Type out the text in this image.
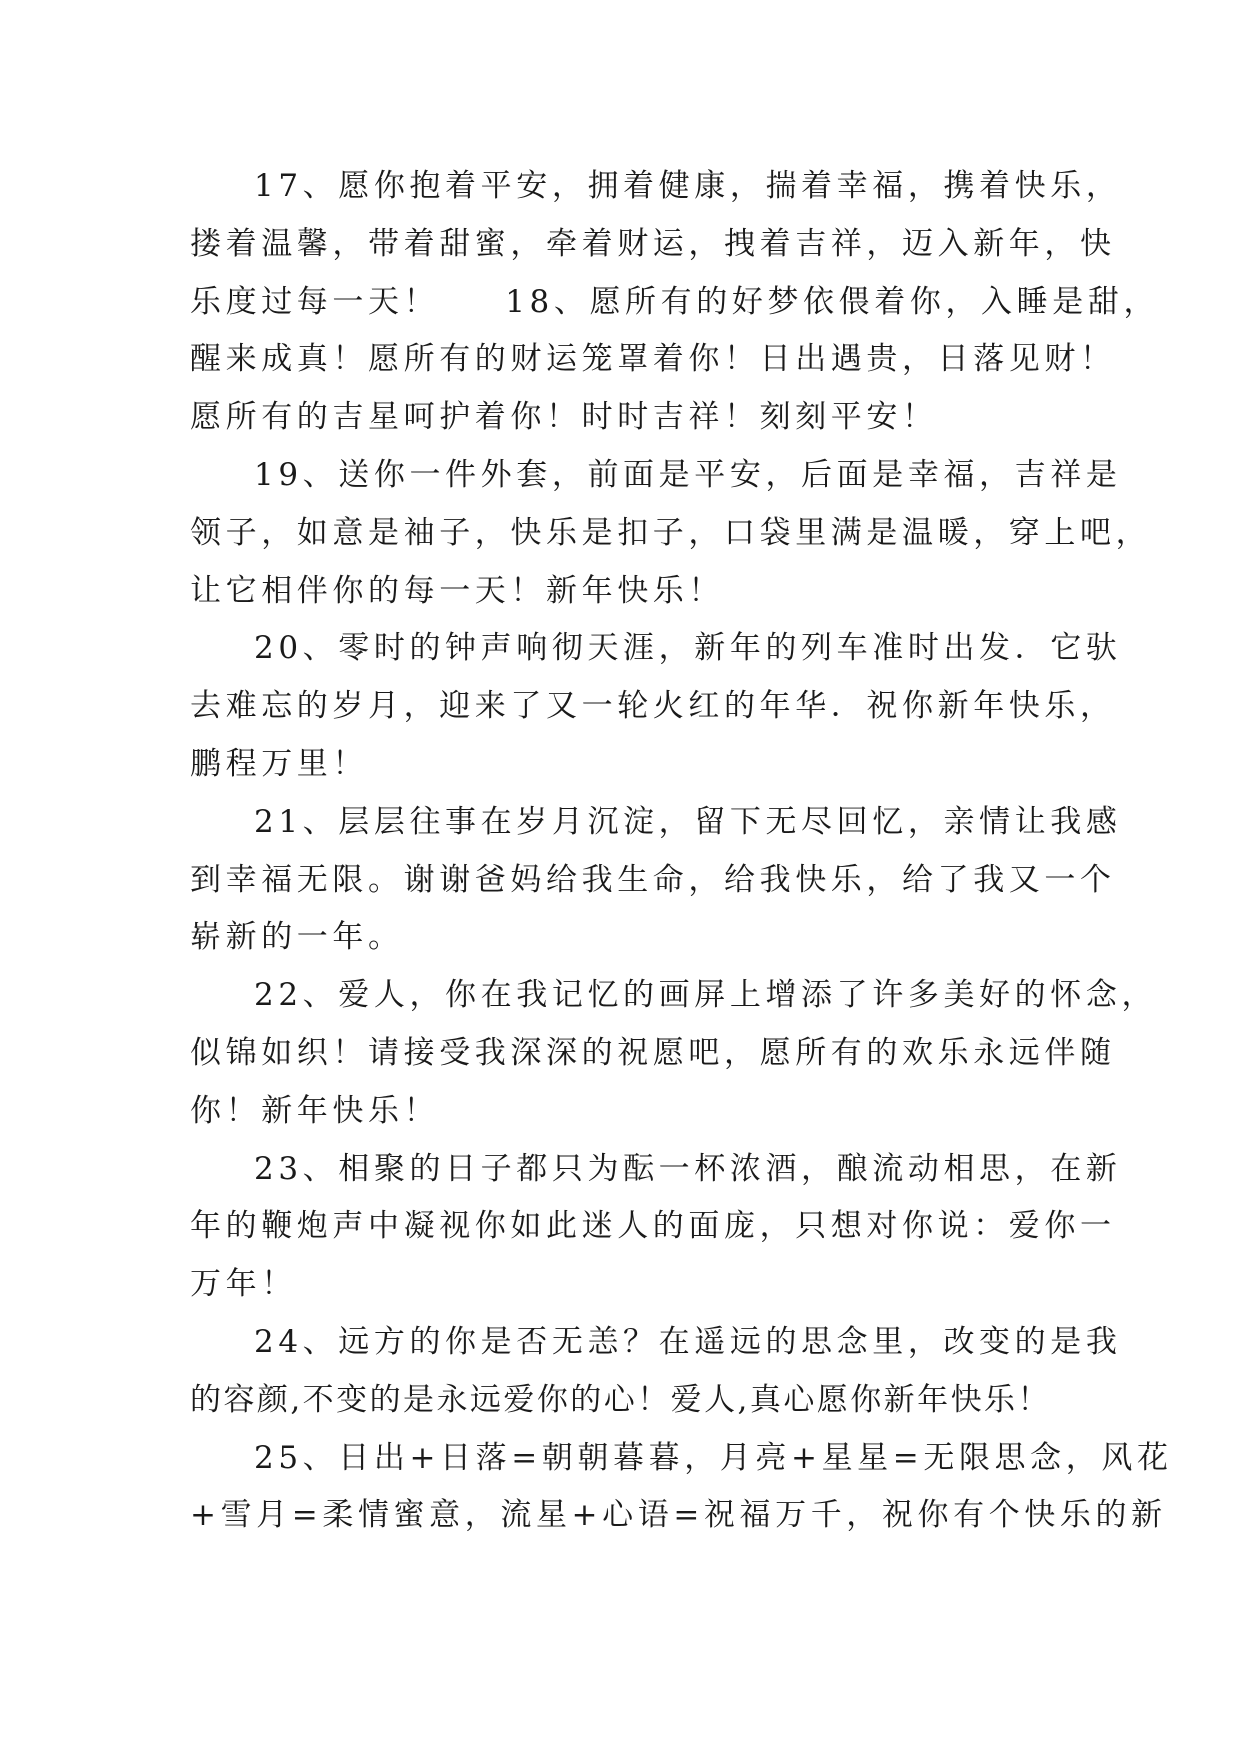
17、愿你抱着平安，拥着健康，揣着幸福，携着快乐，
搂着温馨，带着甜蜜，牵着财运，拽着吉祥，迈入新年，快
乐度过每一天！ 18、愿所有的好梦依偎着你，入睡是甜，
醒来成真！愿所有的财运笼罩着你！日出遇贵，日落见财！
愿所有的吉星呵护着你！时时吉祥！刻刻平安！
19、送你一件外套，前面是平安，后面是幸福，吉祥是
领子，如意是袖子，快乐是扣子，口袋里满是温暖，穿上吧，
让它相伴你的每一天！新年快乐！
20、零时的钟声响彻天涯，新年的列车准时出发．它驮
去难忘的岁月，迎来了又一轮火红的年华．祝你新年快乐，
鹏程万里！
21、层层往事在岁月沉淀，留下无尽回忆，亲情让我感
到幸福无限。谢谢爸妈给我生命，给我快乐，给了我又一个
崭新的一年。
22、爱人，你在我记忆的画屏上增添了许多美好的怀念，
似锦如织！请接受我深深的祝愿吧，愿所有的欢乐永远伴随
你！新年快乐！
23、相聚的日子都只为酝一杯浓酒，酿流动相思，在新
年的鞭炮声中凝视你如此迷人的面庞，只想对你说：爱你一
万年！
24、远方的你是否无恙？在遥远的思念里，改变的是我
的容颜,不变的是永远爱你的心！爱人,真心愿你新年快乐！
25、日出+日落=朝朝暮暮，月亮+星星=无限思念，风花
+雪月=柔情蜜意，流星+心语=祝福万千，祝你有个快乐的新
